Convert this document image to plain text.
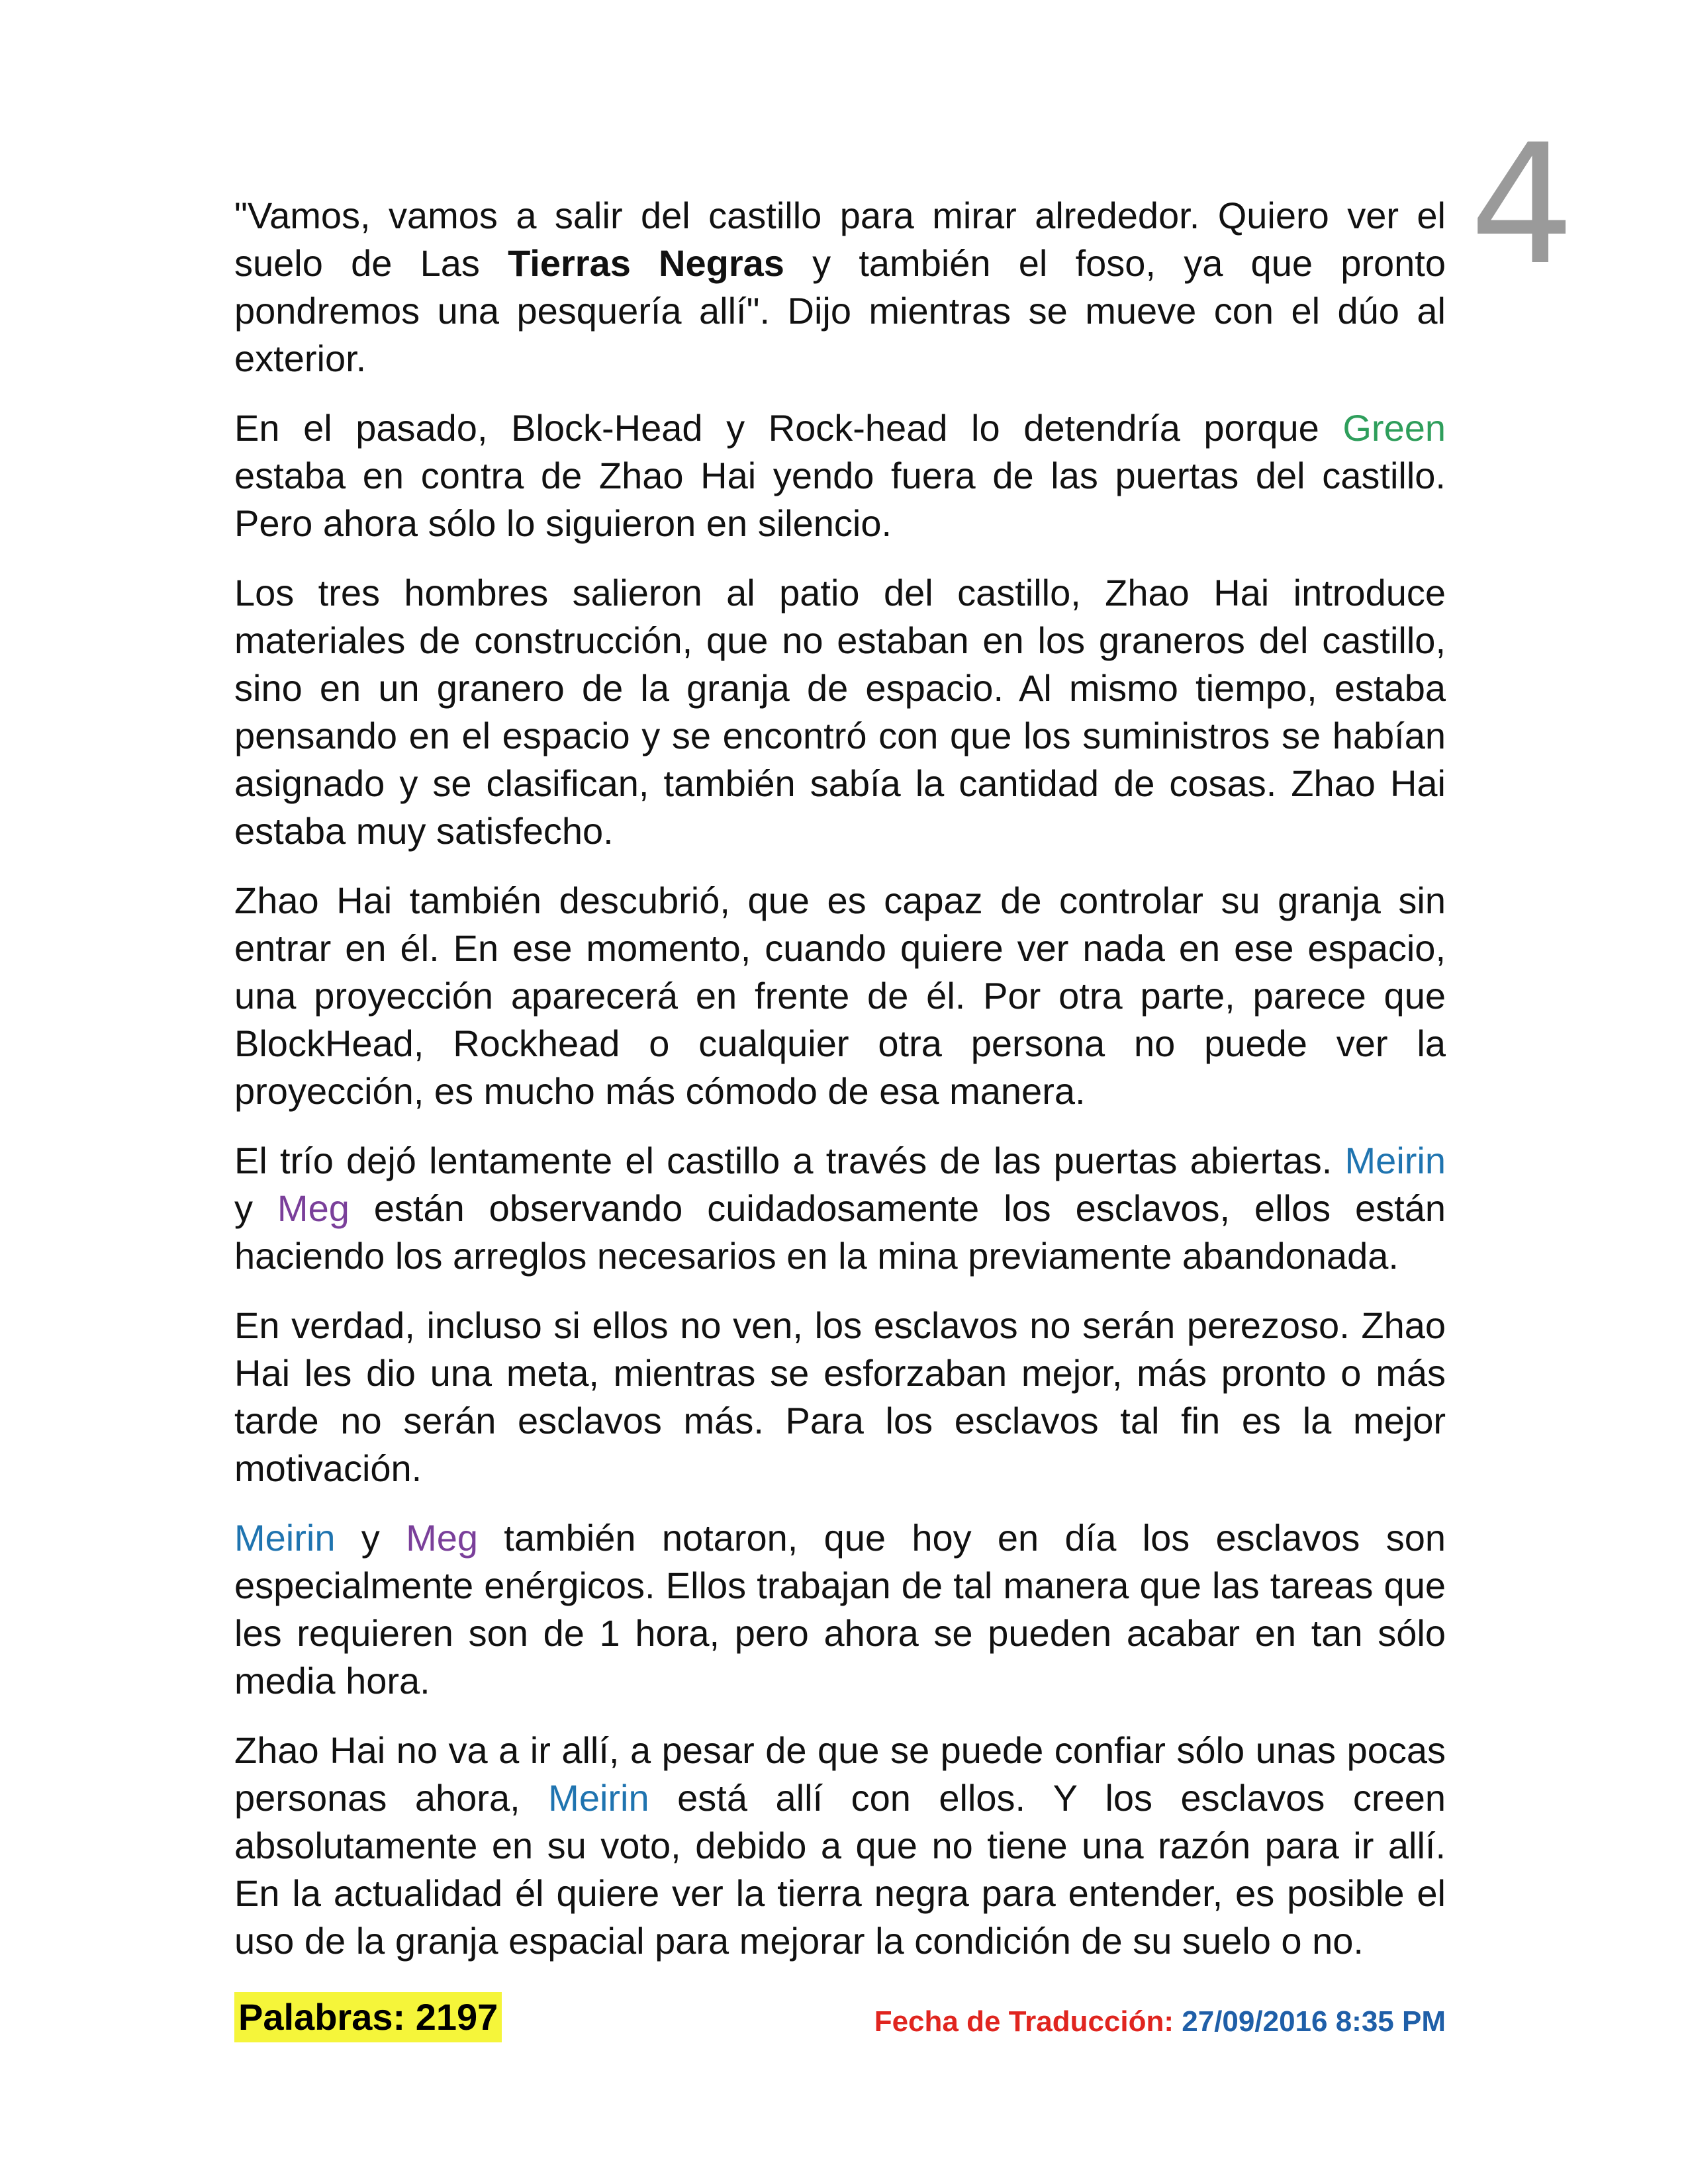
4

"Vamos, vamos a salir del castillo para mirar alrededor. Quiero ver el suelo de Las Tierras Negras y también el foso, ya que pronto pondremos una pesquería allí". Dijo mientras se mueve con el dúo al exterior.

En el pasado, Block-Head y Rock-head lo detendría porque Green estaba en contra de Zhao Hai yendo fuera de las puertas del castillo. Pero ahora sólo lo siguieron en silencio.

Los tres hombres salieron al patio del castillo, Zhao Hai introduce materiales de construcción, que no estaban en los graneros del castillo, sino en un granero de la granja de espacio. Al mismo tiempo, estaba pensando en el espacio y se encontró con que los suministros se habían asignado y se clasifican, también sabía la cantidad de cosas. Zhao Hai estaba muy satisfecho.

Zhao Hai también descubrió, que es capaz de controlar su granja sin entrar en él. En ese momento, cuando quiere ver nada en ese espacio, una proyección aparecerá en frente de él. Por otra parte, parece que BlockHead, Rockhead o cualquier otra persona no puede ver la proyección, es mucho más cómodo de esa manera.

El trío dejó lentamente el castillo a través de las puertas abiertas. Meirin y Meg están observando cuidadosamente los esclavos, ellos están haciendo los arreglos necesarios en la mina previamente abandonada.

En verdad, incluso si ellos no ven, los esclavos no serán perezoso. Zhao Hai les dio una meta, mientras se esforzaban mejor, más pronto o más tarde no serán esclavos más. Para los esclavos tal fin es la mejor motivación.

Meirin y Meg también notaron, que hoy en día los esclavos son especialmente enérgicos. Ellos trabajan de tal manera que las tareas que les requieren son de 1 hora, pero ahora se pueden acabar en tan sólo media hora.

Zhao Hai no va a ir allí, a pesar de que se puede confiar sólo unas pocas personas ahora, Meirin está allí con ellos. Y los esclavos creen absolutamente en su voto, debido a que no tiene una razón para ir allí. En la actualidad él quiere ver la tierra negra para entender, es posible el uso de la granja espacial para mejorar la condición de su suelo o no.

Palabras: 2197	Fecha de Traducción: 27/09/2016 8:35 PM
